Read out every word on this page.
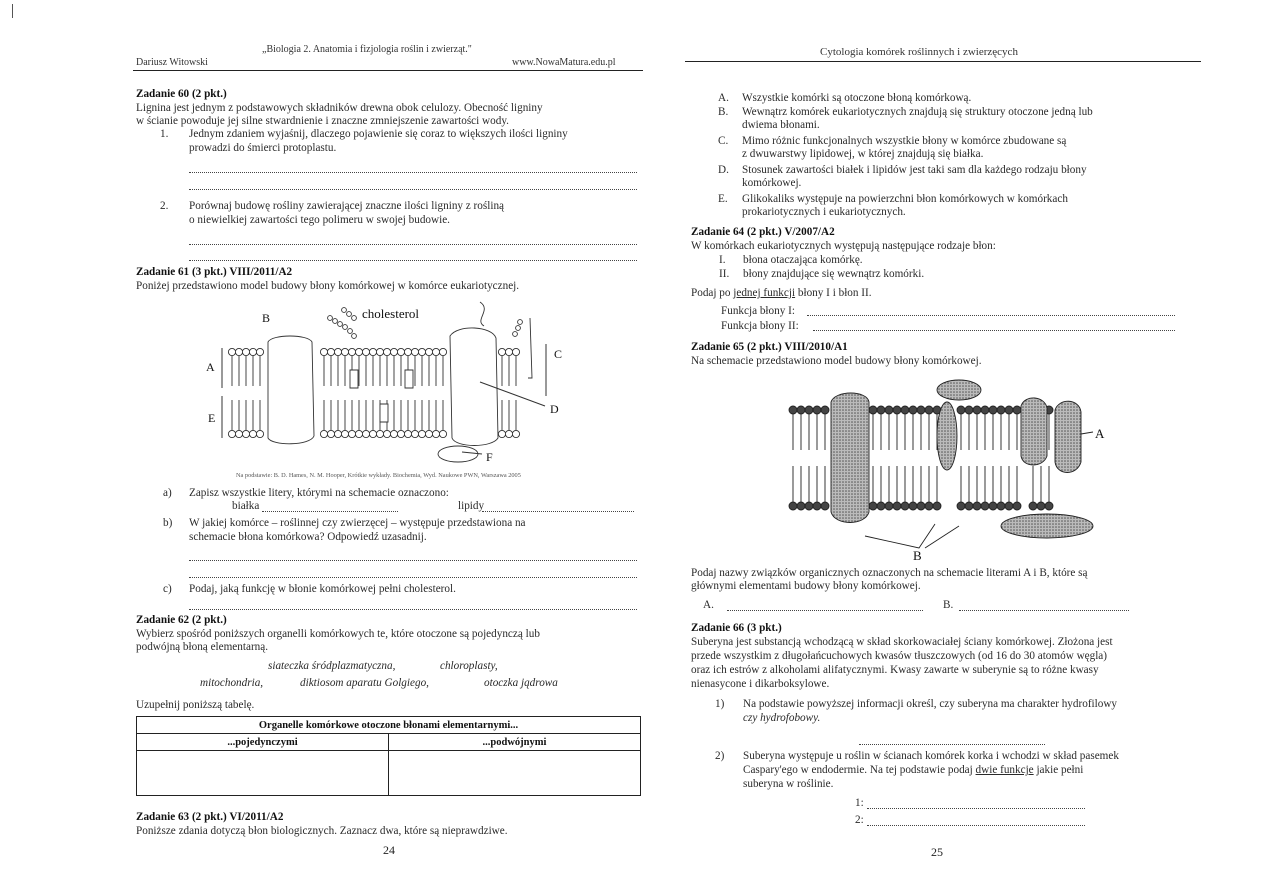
Dariusz Witowski
„Biologia 2. Anatomia i fizjologia roślin i zwierząt."
www.NowaMatura.edu.pl
Zadanie 60 (2 pkt.)
Lignina jest jednym z podstawowych składników drewna obok celulozy. Obecność ligniny
w ścianie powoduje jej silne stwardnienie i znaczne zmniejszenie zawartości wody.
1. Jednym zdaniem wyjaśnij, dlaczego pojawienie się coraz to większych ilości ligniny
prowadzi do śmierci protoplastu.
2. Porównaj budowę rośliny zawierającej znaczne ilości ligniny z rośliną
o niewielkiej zawartości tego polimeru w swojej budowie.
Zadanie 61 (3 pkt.) VIII/2011/A2
Poniżej przedstawiono model budowy błony komórkowej w komórce eukariotycznej.
B	cholesterol
A
C
D
E
F
Na podstawie: B. D. Hames, N. M. Hooper, Krótkie wykłady. Biochemia, Wyd. Naukowe PWN, Warszawa 2005
a) Zapisz wszystkie litery, którymi na schemacie oznaczono:
białka	lipidy
b) W jakiej komórce – roślinnej czy zwierzęcej – występuje przedstawiona na
schemacie błona komórkowa? Odpowiedź uzasadnij.
c) Podaj, jaką funkcję w błonie komórkowej pełni cholesterol.
Zadanie 62 (2 pkt.)
Wybierz spośród poniższych organelli komórkowych te, które otoczone są pojedynczą lub
podwójną błoną elementarną.
siateczka śródplazmatyczna,	chloroplasty,
mitochondria,	diktiosom aparatu Golgiego,	otoczka jądrowa
Uzupełnij poniższą tabelę.
Organelle komórkowe otoczone błonami elementarnymi...	
...pojedynczymi	...podwójnymi

Zadanie 63 (2 pkt.) VI/2011/A2
Poniższe zdania dotyczą błon biologicznych. Zaznacz dwa, które są nieprawdziwe.
24
Cytologia komórek roślinnych i zwierzęcych
A. Wszystkie komórki są otoczone błoną komórkową.
B. Wewnątrz komórek eukariotycznych znajdują się struktury otoczone jedną lub
dwiema błonami.
C. Mimo różnic funkcjonalnych wszystkie błony w komórce zbudowane są
z dwuwarstwy lipidowej, w której znajdują się białka.
D. Stosunek zawartości białek i lipidów jest taki sam dla każdego rodzaju błony
komórkowej.
E. Glikokaliks występuje na powierzchni błon komórkowych w komórkach
prokariotycznych i eukariotycznych.
Zadanie 64 (2 pkt.) V/2007/A2
W komórkach eukariotycznych występują następujące rodzaje błon:
I. błona otaczająca komórkę.
II. błony znajdujące się wewnątrz komórki.
Podaj po jednej funkcji błony I i błon II.
Funkcja błony I:
Funkcja błony II:
Zadanie 65 (2 pkt.) VIII/2010/A1
Na schemacie przedstawiono model budowy błony komórkowej.
A
B
Podaj nazwy związków organicznych oznaczonych na schemacie literami A i B, które są
głównymi elementami budowy błony komórkowej.
A.	B.
Zadanie 66 (3 pkt.)
Suberyna jest substancją wchodzącą w skład skorkowaciałej ściany komórkowej. Złożona jest
przede wszystkim z długołańcuchowych kwasów tłuszczowych (od 16 do 30 atomów węgla)
oraz ich estrów z alkoholami alifatycznymi. Kwasy zawarte w suberynie są to różne kwasy
nienasycone i dikarboksylowe.
1) Na podstawie powyższej informacji określ, czy suberyna ma charakter hydrofilowy
czy hydrofobowy.
2) Suberyna występuje u roślin w ścianach komórek korka i wchodzi w skład pasemek
Caspary'ego w endodermie. Na tej podstawie podaj dwie funkcje jakie pełni
suberyna w roślinie.
1:
2:
25
